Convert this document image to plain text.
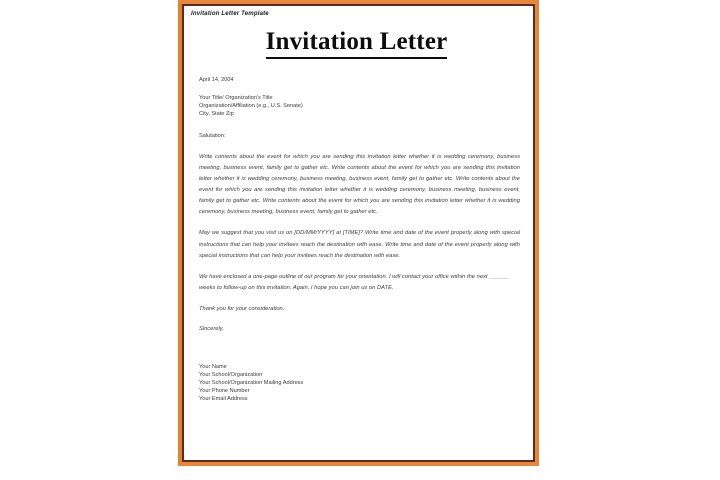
Invitation Letter Template
Invitation Letter
April 14, 2004
Your Title/ Organization's Title
Organization/Affiliation (e.g., U.S. Senate)
City, State Zip
Salutation:

Write contents about the event for which you are sending this invitation letter whether it is wedding ceremony, business meeting, business event, family get to gather etc. Write contents about the event for which you are sending this invitation letter whether it is wedding ceremony, business meeting, business event, family get to gather etc. Write contents about the event for which you are sending this invitation letter whether it is wedding ceremony, business meeting, business event, family get to gather etc. Write contents about the event for which you are sending this invitation letter whether it is wedding ceremony, business meeting, business event, family get to gather etc.

May we suggest that you visit us on [DD/MM/YYYY] at [TIME]? Write time and date of the event properly along with special instructions that can help your invitees reach the destination with ease. Write time and date of the event properly along with special instructions that can help your invitees reach the destination with ease.

We have enclosed a one-page outline of our program for your orientation. I will contact your office within the next ______ weeks to follow-up on this invitation. Again, I hope you can join us on DATE.

Thank you for your consideration.
Sincerely,
Your Name
Your School/Organization
Your School/Organization Mailing Address
Your Phone Number
Your Email Address
